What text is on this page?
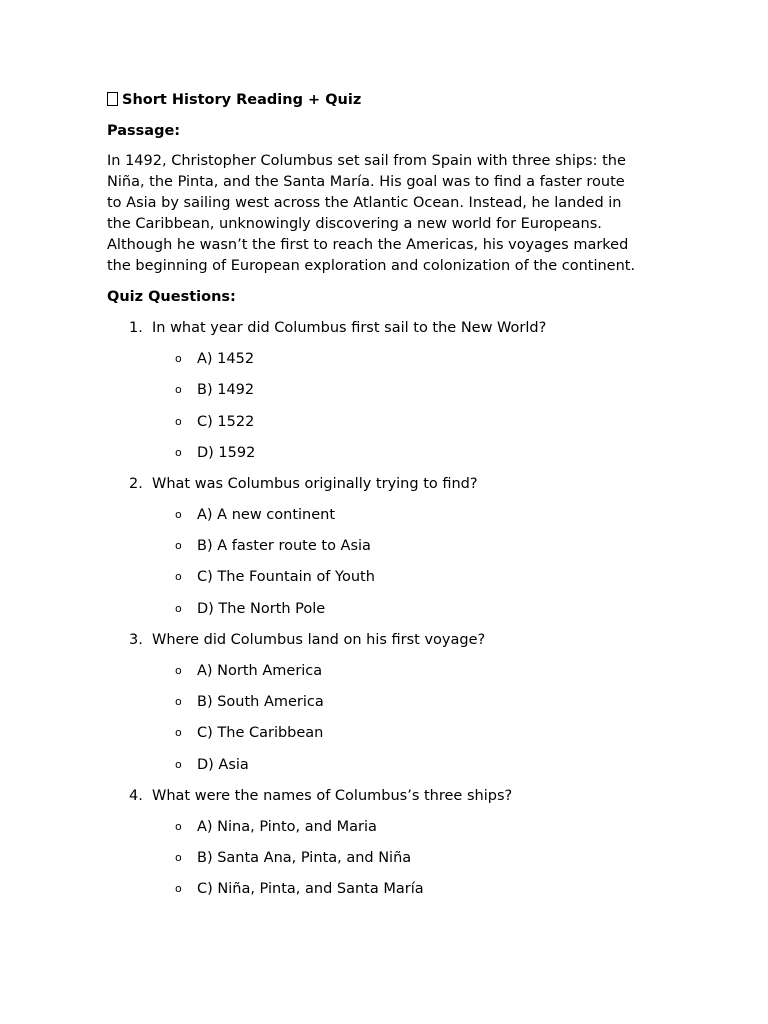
Short History Reading + Quiz

Passage:

In 1492, Christopher Columbus set sail from Spain with three ships: the
Niña, the Pinta, and the Santa María. His goal was to find a faster route
to Asia by sailing west across the Atlantic Ocean. Instead, he landed in
the Caribbean, unknowingly discovering a new world for Europeans.
Although he wasn’t the first to reach the Americas, his voyages marked
the beginning of European exploration and colonization of the continent.

Quiz Questions:

1. In what year did Columbus first sail to the New World?
o	A) 1452
o	B) 1492
o	C) 1522
o	D) 1592
2. What was Columbus originally trying to find?
o	A) A new continent
o	B) A faster route to Asia
o	C) The Fountain of Youth
o	D) The North Pole
3. Where did Columbus land on his first voyage?
o	A) North America
o	B) South America
o	C) The Caribbean
o	D) Asia
4. What were the names of Columbus’s three ships?
o	A) Nina, Pinto, and Maria
o	B) Santa Ana, Pinta, and Niña
o	C) Niña, Pinta, and Santa María
